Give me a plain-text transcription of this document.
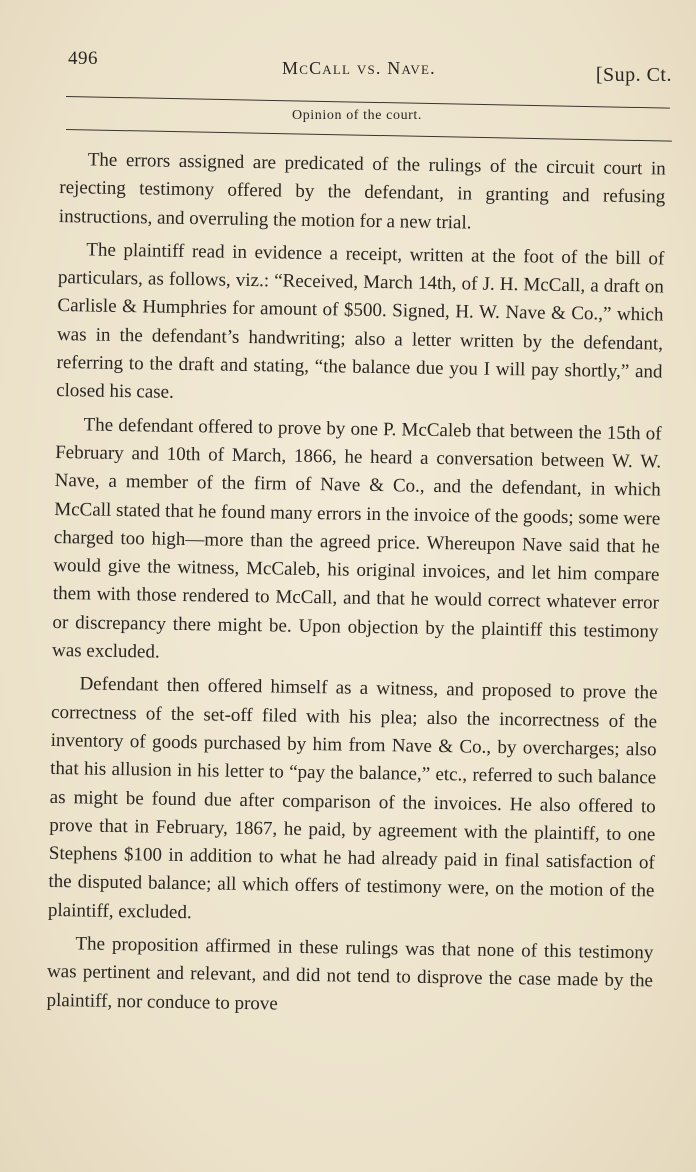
496	McCall vs. Nave.	[Sup. Ct.
Opinion of the court.

The errors assigned are predicated of the rulings of the circuit court in rejecting testimony offered by the defendant, in granting and refusing instructions, and overruling the motion for a new trial.

The plaintiff read in evidence a receipt, written at the foot of the bill of particulars, as follows, viz.: “Received, March 14th, of J. H. McCall, a draft on Carlisle & Humphries for amount of $500. Signed, H. W. Nave & Co.,” which was in the defendant’s handwriting; also a letter written by the defendant, referring to the draft and stating, “the balance due you I will pay shortly,” and closed his case.

The defendant offered to prove by one P. McCaleb that between the 15th of February and 10th of March, 1866, he heard a conversation between W. W. Nave, a member of the firm of Nave & Co., and the defendant, in which McCall stated that he found many errors in the invoice of the goods; some were charged too high—more than the agreed price. Whereupon Nave said that he would give the witness, McCaleb, his original invoices, and let him compare them with those rendered to McCall, and that he would correct whatever error or discrepancy there might be. Upon objection by the plaintiff this testimony was excluded.

Defendant then offered himself as a witness, and proposed to prove the correctness of the set-off filed with his plea; also the incorrectness of the inventory of goods purchased by him from Nave & Co., by overcharges; also that his allusion in his letter to “pay the balance,” etc., referred to such balance as might be found due after comparison of the invoices. He also offered to prove that in February, 1867, he paid, by agreement with the plaintiff, to one Stephens $100 in addition to what he had already paid in final satisfaction of the disputed balance; all which offers of testimony were, on the motion of the plaintiff, excluded.

The proposition affirmed in these rulings was that none of this testimony was pertinent and relevant, and did not tend to disprove the case made by the plaintiff, nor conduce to prove
